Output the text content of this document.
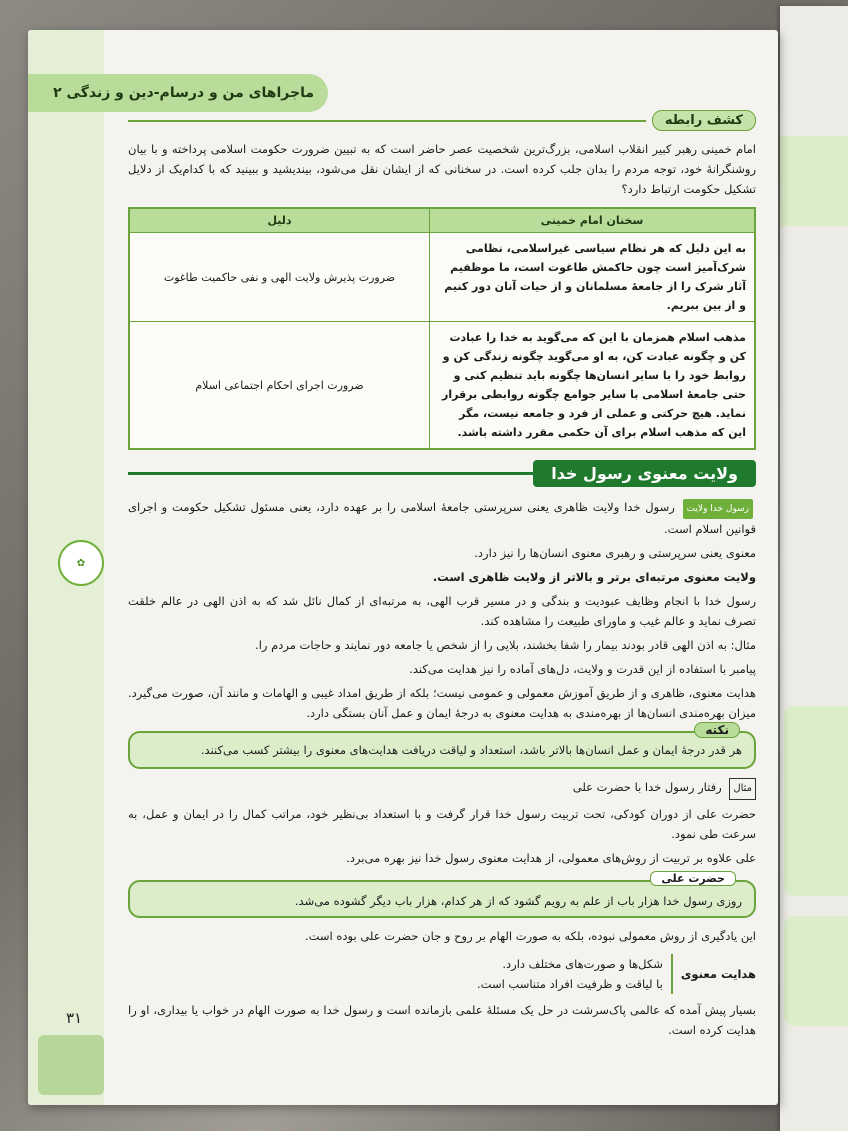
✿
۳۱
ماجراهای من و درسام-دین و زندگی ۲
کشف رابطه

امام خمینی رهبر کبیر انقلاب اسلامی، بزرگ‌ترین شخصیت عصر حاضر است که به تبیین ضرورت حکومت اسلامی پرداخته و با بیان روشنگرانهٔ خود، توجه مردم را بدان جلب کرده است. در سخنانی که از ایشان نقل می‌شود، بیندیشید و ببینید که با کدام‌یک از دلایل تشکیل حکومت ارتباط دارد؟

سخنان امام خمینی	دلیل
به این دلیل که هر نظام سیاسی غیراسلامی، نظامی شرک‌آمیز است چون حاکمش طاغوت است، ما موظفیم آثار شرک را از جامعهٔ مسلمانان و از حیات آنان دور کنیم و از بین ببریم.	ضرورت پذیرش ولایت الهی و نفی حاکمیت طاغوت
مذهب اسلام همزمان با این که می‌گوید به خدا را عبادت کن و چگونه عبادت کن، به او می‌گوید چگونه زندگی کن و روابط خود را با سایر انسان‌ها چگونه باید تنظیم کنی و حتی جامعهٔ اسلامی با سایر جوامع چگونه روابطی برقرار نماید. هیچ حرکتی و عملی از فرد و جامعه نیست، مگر این که مذهب اسلام برای آن حکمی مقرر داشته باشد.	ضرورت اجرای احکام اجتماعی اسلام
ولایت معنوی رسول خدا

رسول خدا ولایت رسول خدا ولایت ظاهری یعنی سرپرستی جامعهٔ اسلامی را بر عهده دارد، یعنی مسئول تشکیل حکومت و اجرای قوانین اسلام است.

معنوی یعنی سرپرستی و رهبری معنوی انسان‌ها را نیز دارد.

ولایت معنوی مرتبه‌ای برتر و بالاتر از ولایت ظاهری است.

رسول خدا با انجام وظایف عبودیت و بندگی و در مسیر قرب الهی، به مرتبه‌ای از کمال نائل شد که به اذن الهی در عالم خلقت تصرف نماید و عالم غیب و ماورای طبیعت را مشاهده کند.

مثال: به اذن الهی قادر بودند بیمار را شفا بخشند، بلایی را از شخص یا جامعه دور نمایند و حاجات مردم را.

پیامبر با استفاده از این قدرت و ولایت، دل‌های آماده را نیز هدایت می‌کند.

هدایت معنوی، ظاهری و از طریق آموزش معمولی و عمومی نیست؛ بلکه از طریق امداد غیبی و الهامات و مانند آن، صورت می‌گیرد. میزان بهره‌مندی انسان‌ها از بهره‌مندی به هدایت معنوی به درجهٔ ایمان و عمل آنان بستگی دارد.

نکته
هر قدر درجهٔ ایمان و عمل انسان‌ها بالاتر باشد، استعداد و لیاقت دریافت هدایت‌های معنوی را بیشتر کسب می‌کنند.

مثال رفتار رسول خدا با حضرت علی

حضرت علی از دوران کودکی، تحت تربیت رسول خدا قرار گرفت و با استعداد بی‌نظیر خود، مراتب کمال را در ایمان و عمل، به سرعت طی نمود.

علی علاوه بر تربیت از روش‌های معمولی، از هدایت معنوی رسول خدا نیز بهره می‌برد.

حضرت علی
روزی رسول خدا هزار باب از علم به رویم گشود که از هر کدام، هزار باب دیگر گشوده می‌شد.

این یادگیری از روش معمولی نبوده، بلکه به صورت الهام بر روح و جان حضرت علی بوده است.

هدایت معنوی
شکل‌ها و صورت‌های مختلف دارد.
با لیاقت و ظرفیت افراد متناسب است.

بسیار پیش آمده که عالمی پاک‌سرشت در حل یک مسئلهٔ علمی بازمانده است و رسول خدا به صورت الهام در خواب یا بیداری، او را هدایت کرده است.
